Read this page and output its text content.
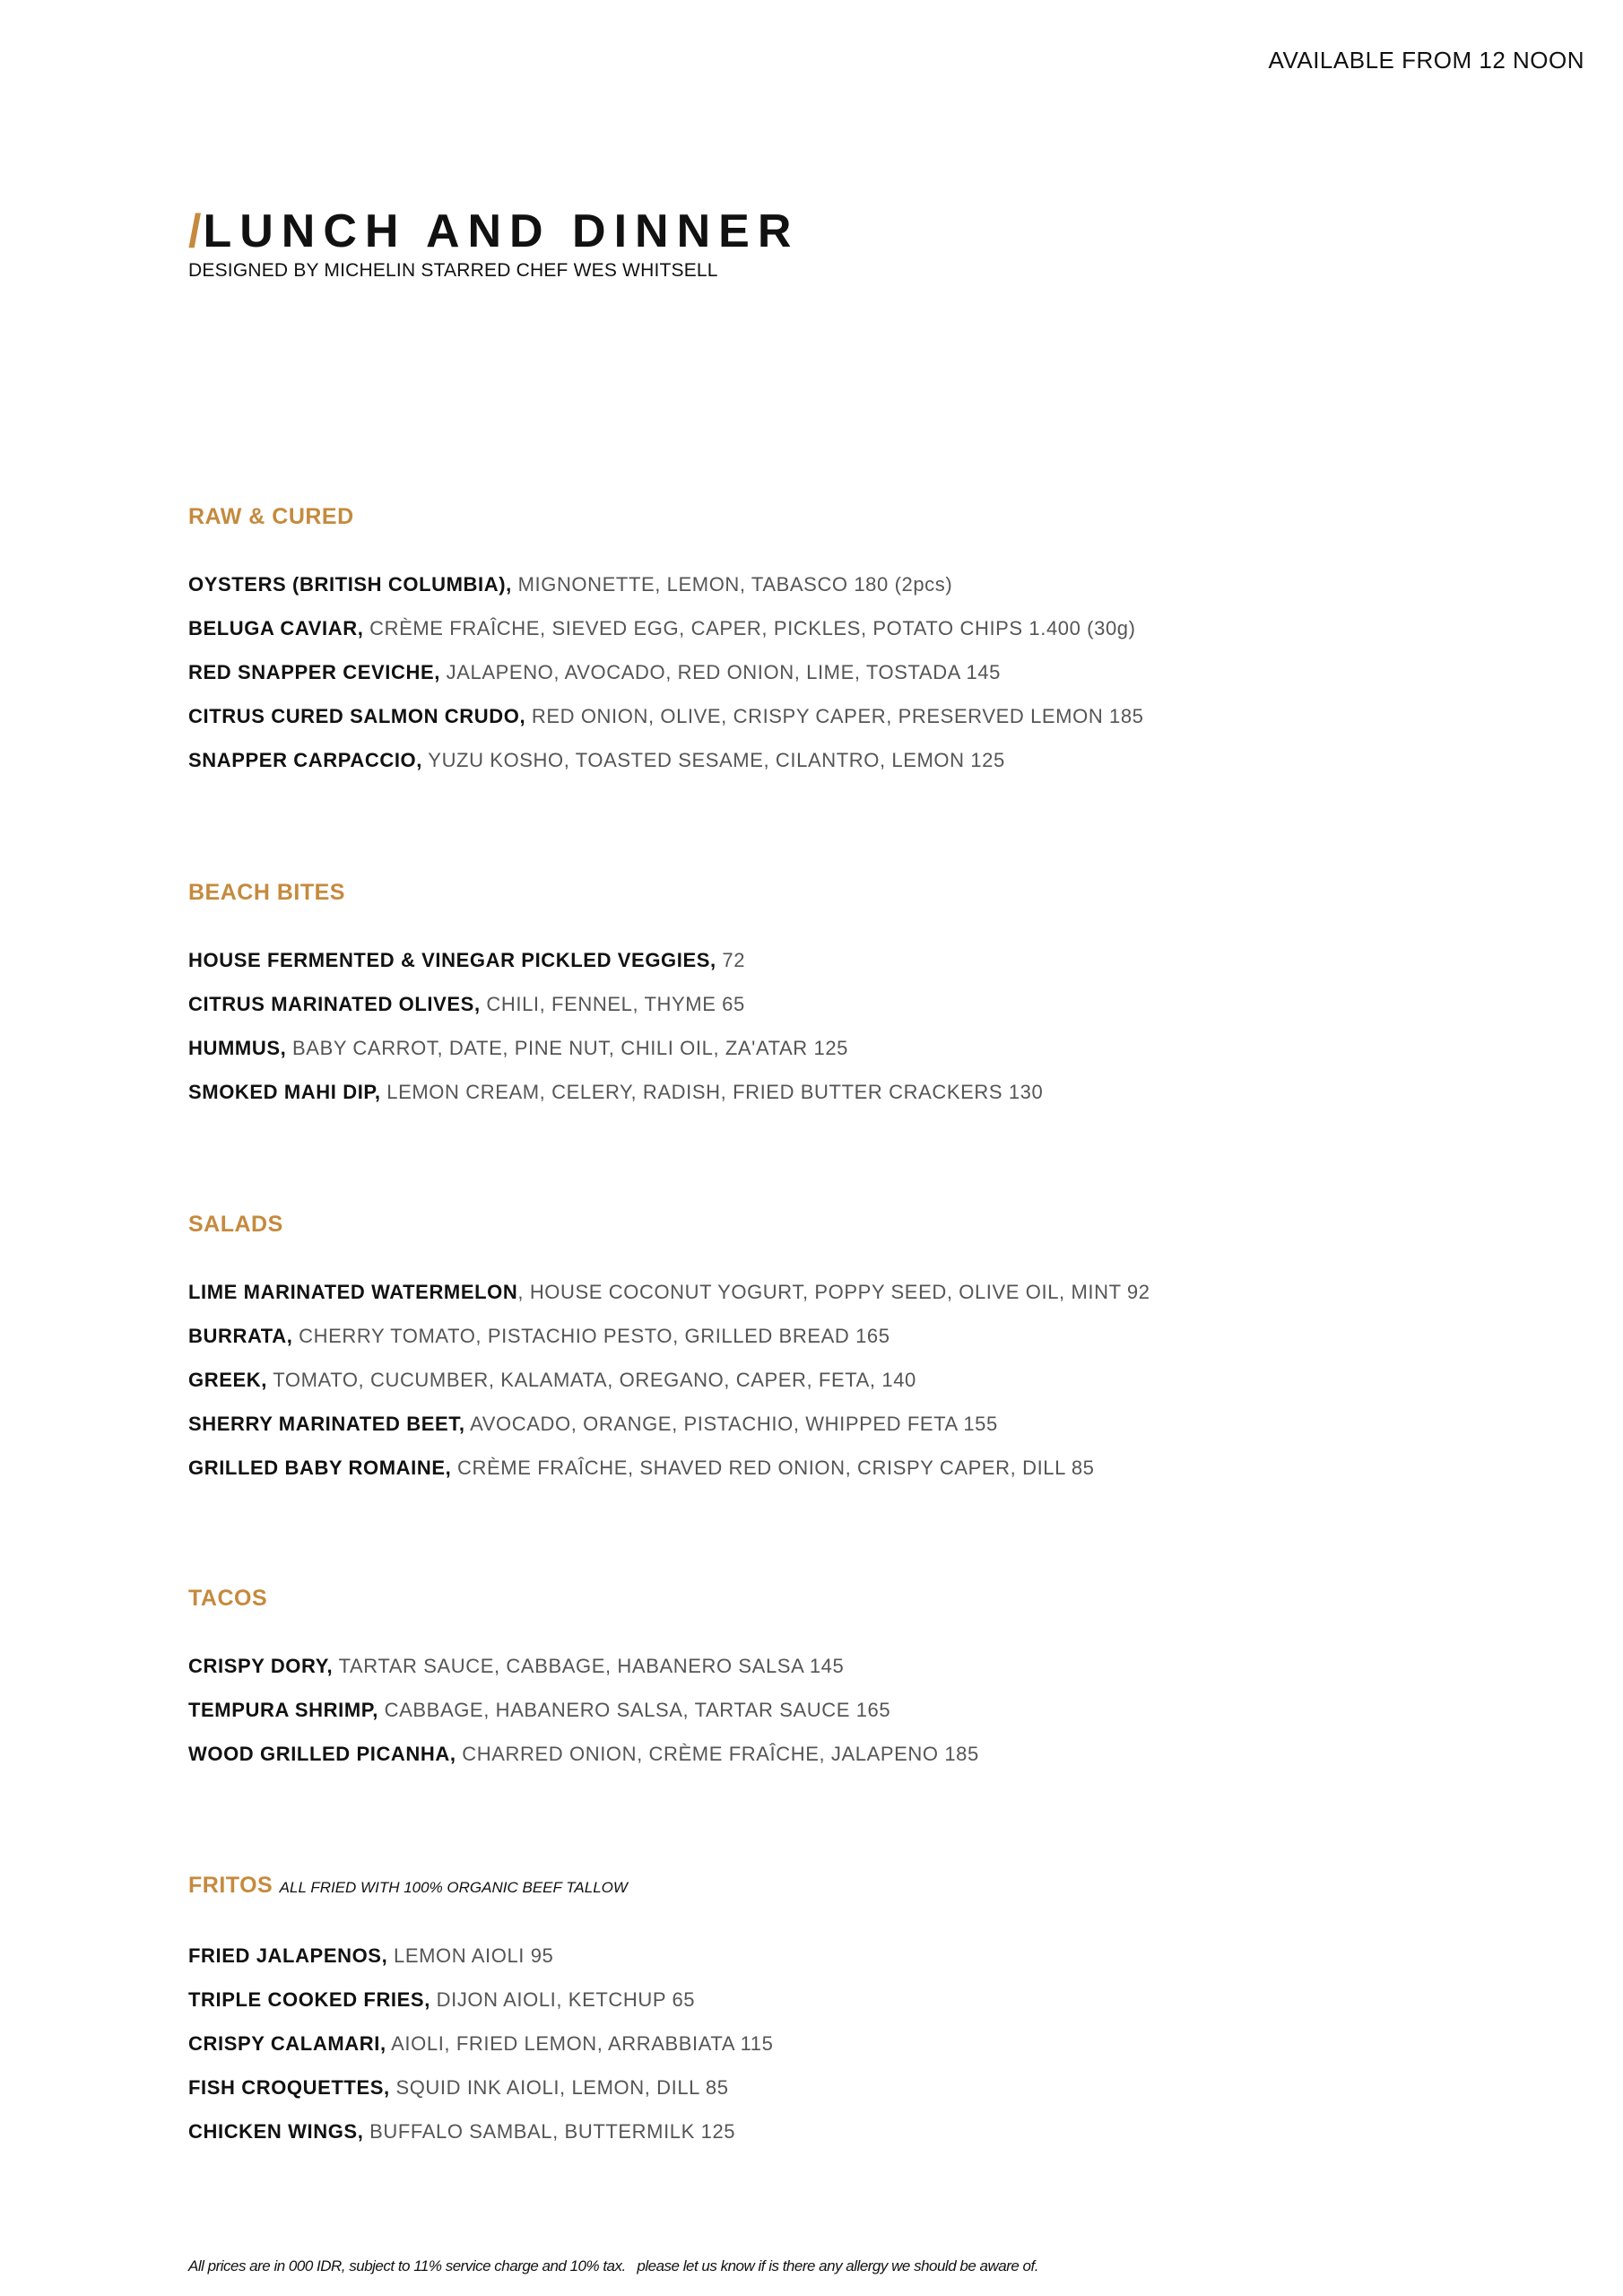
AVAILABLE FROM 12 NOON
/LUNCH AND DINNER
DESIGNED BY MICHELIN STARRED CHEF WES WHITSELL
RAW & CURED
OYSTERS (BRITISH COLUMBIA), MIGNONETTE, LEMON, TABASCO 180 (2pcs)
BELUGA CAVIAR, CRÈME FRAÎCHE, SIEVED EGG, CAPER, PICKLES, POTATO CHIPS 1.400 (30g)
RED SNAPPER CEVICHE, JALAPENO, AVOCADO, RED ONION, LIME, TOSTADA 145
CITRUS CURED SALMON CRUDO, RED ONION, OLIVE, CRISPY CAPER, PRESERVED LEMON 185
SNAPPER CARPACCIO, YUZU KOSHO, TOASTED SESAME, CILANTRO, LEMON 125
BEACH BITES
HOUSE FERMENTED & VINEGAR PICKLED VEGGIES, 72
CITRUS MARINATED OLIVES, CHILI, FENNEL, THYME 65
HUMMUS, BABY CARROT, DATE, PINE NUT, CHILI OIL, ZA'ATAR 125
SMOKED MAHI DIP, LEMON CREAM, CELERY, RADISH, FRIED BUTTER CRACKERS 130
SALADS
LIME MARINATED WATERMELON, HOUSE COCONUT YOGURT, POPPY SEED, OLIVE OIL, MINT 92
BURRATA, CHERRY TOMATO, PISTACHIO PESTO, GRILLED BREAD 165
GREEK, TOMATO, CUCUMBER, KALAMATA, OREGANO, CAPER, FETA, 140
SHERRY MARINATED BEET, AVOCADO, ORANGE, PISTACHIO, WHIPPED FETA 155
GRILLED BABY ROMAINE, CRÈME FRAÎCHE, SHAVED RED ONION, CRISPY CAPER, DILL 85
TACOS
CRISPY DORY, TARTAR SAUCE, CABBAGE, HABANERO SALSA 145
TEMPURA SHRIMP, CABBAGE, HABANERO SALSA, TARTAR SAUCE 165
WOOD GRILLED PICANHA, CHARRED ONION, CRÈME FRAÎCHE, JALAPENO 185
FRITOS ALL FRIED WITH 100% ORGANIC BEEF TALLOW
FRIED JALAPENOS, LEMON AIOLI 95
TRIPLE COOKED FRIES, DIJON AIOLI, KETCHUP 65
CRISPY CALAMARI, AIOLI, FRIED LEMON, ARRABBIATA 115
FISH CROQUETTES, SQUID INK AIOLI, LEMON, DILL 85
CHICKEN WINGS, BUFFALO SAMBAL, BUTTERMILK 125
All prices are in 000 IDR, subject to 11% service charge and 10% tax.   please let us know if is there any allergy we should be aware of.
